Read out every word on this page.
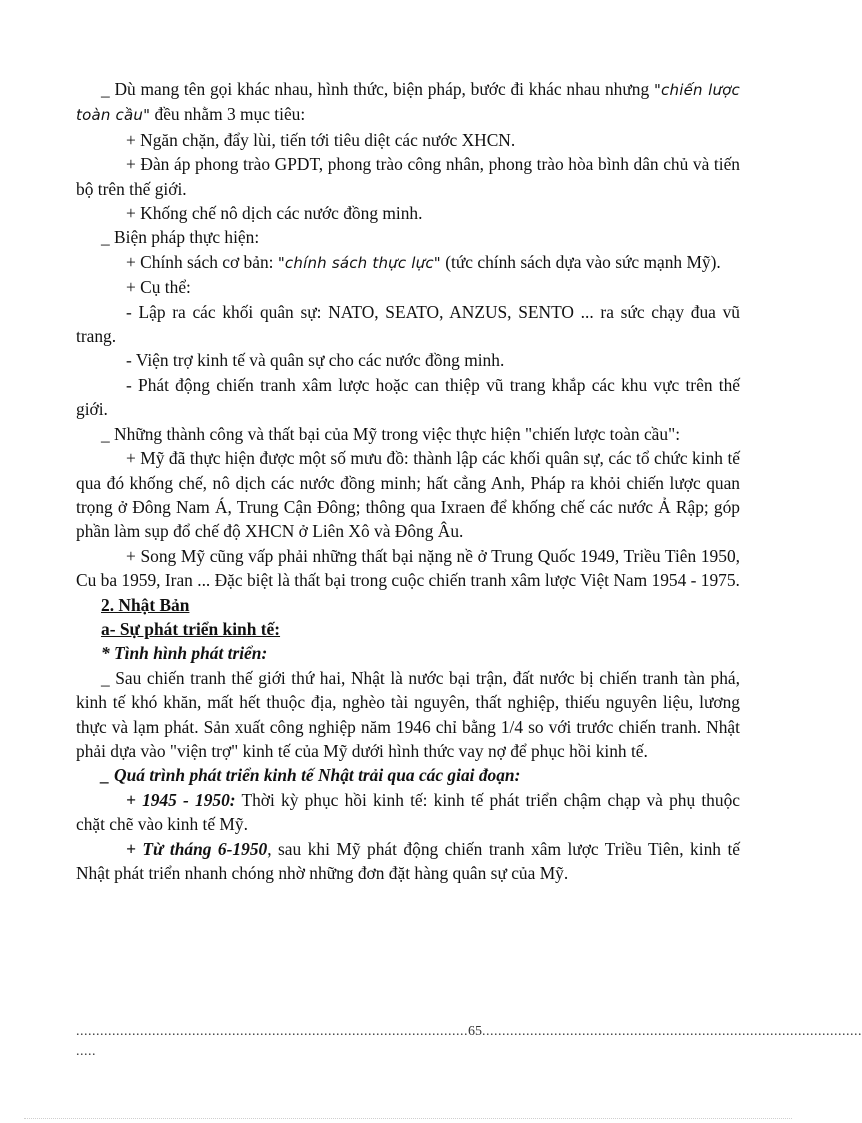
_ Dù mang tên gọi khác nhau, hình thức, biện pháp, bước đi khác nhau nhưng "chiến lược toàn cầu" đều nhằm 3 mục tiêu:

+ Ngăn chặn, đẩy lùi, tiến tới tiêu diệt các nước XHCN.

+ Đàn áp phong trào GPDT, phong trào công nhân, phong trào hòa bình dân chủ và tiến bộ trên thế giới.

+ Khống chế nô dịch các nước đồng minh.

_ Biện pháp thực hiện:

+ Chính sách cơ bản: "chính sách thực lực" (tức chính sách dựa vào sức mạnh Mỹ).

+ Cụ thể:

- Lập ra các khối quân sự: NATO, SEATO, ANZUS, SENTO ... ra sức chạy đua vũ trang.

- Viện trợ kinh tế và quân sự cho các nước đồng minh.

- Phát động chiến tranh xâm lược hoặc can thiệp vũ trang khắp các khu vực trên thế giới.

_ Những thành công và thất bại của Mỹ trong việc thực hiện "chiến lược toàn cầu":

+ Mỹ đã thực hiện được một số mưu đồ: thành lập các khối quân sự, các tổ chức kinh tế qua đó khống chế, nô dịch các nước đồng minh; hất cẳng Anh, Pháp ra khỏi chiến lược quan trọng ở Đông Nam Á, Trung Cận Đông; thông qua Ixraen để khống chế các nước Ả Rập; góp phần làm sụp đổ chế độ XHCN ở Liên Xô và Đông Âu.

+ Song Mỹ cũng vấp phải những thất bại nặng nề ở Trung Quốc 1949, Triều Tiên 1950, Cu ba 1959, Iran ... Đặc biệt là thất bại trong cuộc chiến tranh xâm lược Việt Nam 1954 - 1975.

2. Nhật Bản

a- Sự phát triển kinh tế:

* Tình hình phát triển:

_ Sau chiến tranh thế giới thứ hai, Nhật là nước bại trận, đất nước bị chiến tranh tàn phá, kinh tế khó khăn, mất hết thuộc địa, nghèo tài nguyên, thất nghiệp, thiếu nguyên liệu, lương thực và lạm phát. Sản xuất công nghiệp năm 1946 chỉ bằng 1/4 so với trước chiến tranh. Nhật phải dựa vào "viện trợ" kinh tế của Mỹ dưới hình thức vay nợ để phục hồi kinh tế.

_ Quá trình phát triển kinh tế Nhật trải qua các giai đoạn:

+ 1945 - 1950: Thời kỳ phục hồi kinh tế: kinh tế phát triển chậm chạp và phụ thuộc chặt chẽ vào kinh tế Mỹ.

+ Từ tháng 6-1950, sau khi Mỹ phát động chiến tranh xâm lược Triều Tiên, kinh tế Nhật phát triển nhanh chóng nhờ những đơn đặt hàng quân sự của Mỹ.

..................................................................................................65...............................................................................................
.....
